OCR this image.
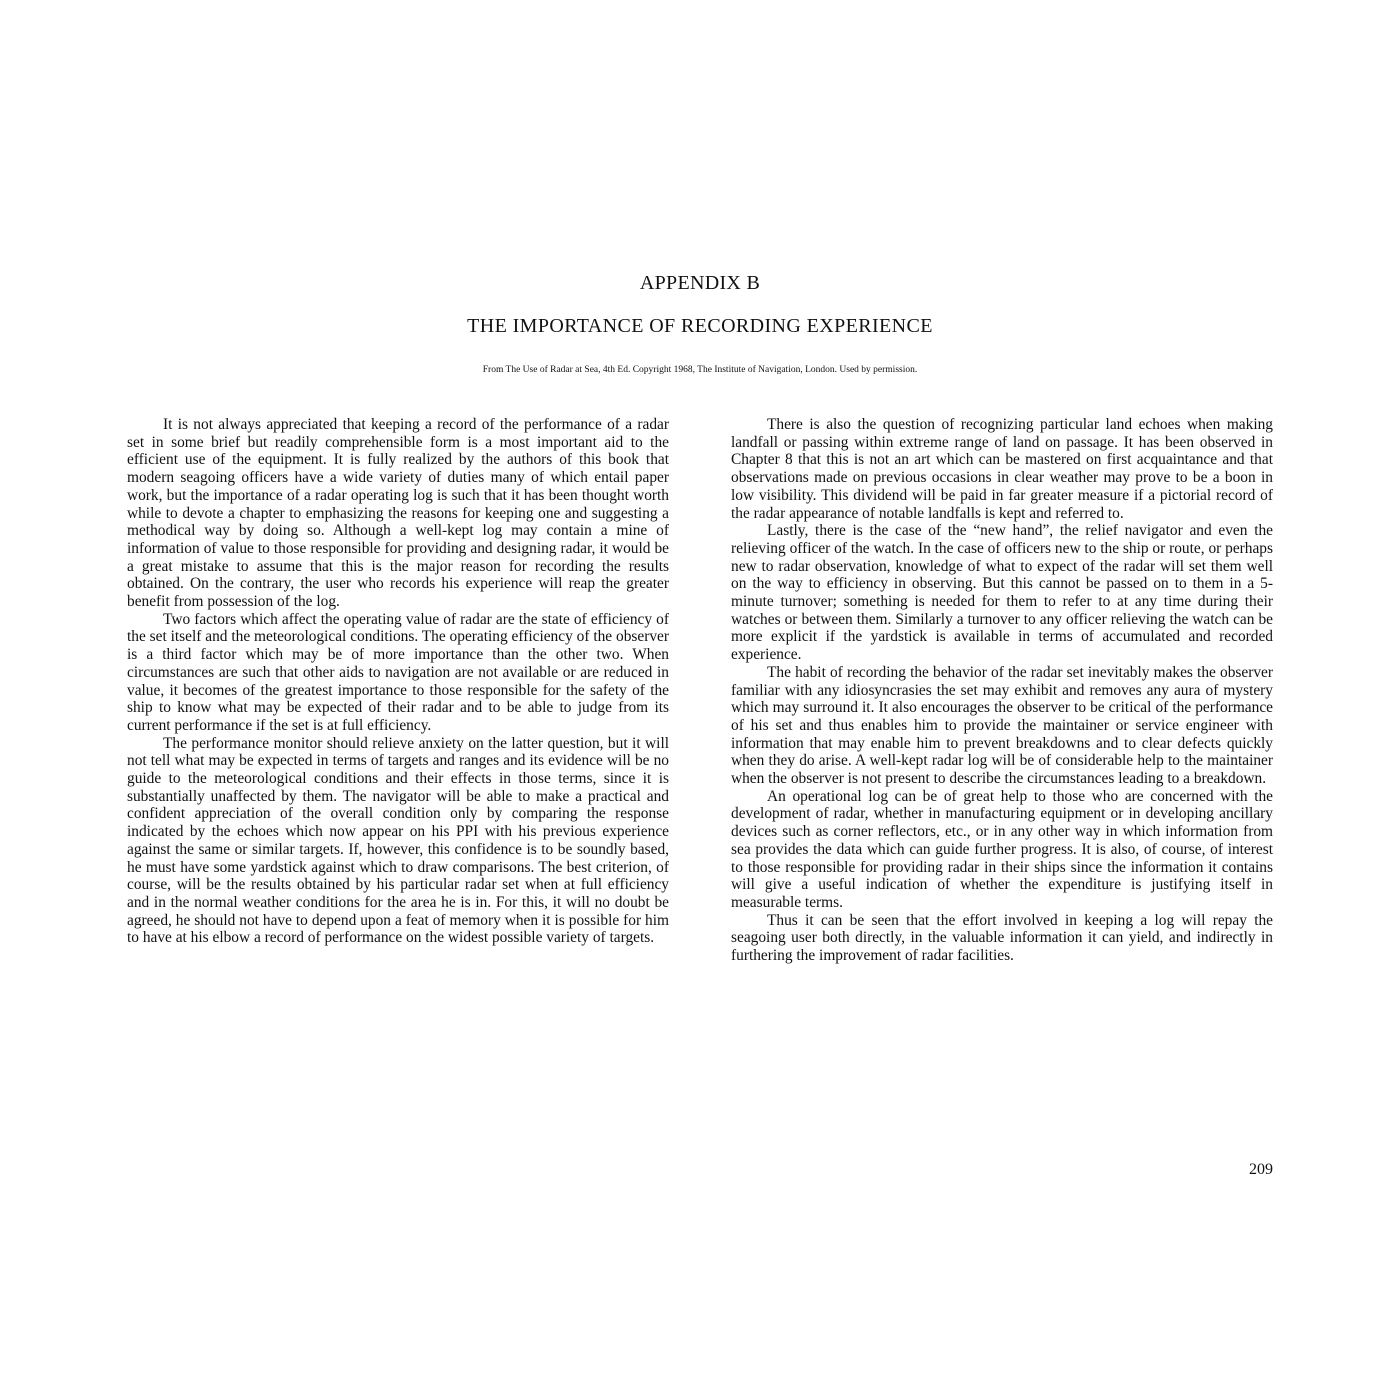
APPENDIX B
THE IMPORTANCE OF RECORDING EXPERIENCE
From The Use of Radar at Sea, 4th Ed. Copyright 1968, The Institute of Navigation, London. Used by permission.

It is not always appreciated that keeping a record of the performance of a radar set in some brief but readily comprehensible form is a most important aid to the efficient use of the equipment. It is fully realized by the authors of this book that modern seagoing officers have a wide variety of duties many of which entail paper work, but the importance of a radar operating log is such that it has been thought worth while to devote a chapter to emphasizing the reasons for keeping one and suggesting a methodical way by doing so. Although a well-kept log may contain a mine of information of value to those responsible for providing and designing radar, it would be a great mistake to assume that this is the major reason for recording the results obtained. On the contrary, the user who records his experience will reap the greater benefit from possession of the log.

Two factors which affect the operating value of radar are the state of efficiency of the set itself and the meteorological conditions. The operating efficiency of the observer is a third factor which may be of more importance than the other two. When circumstances are such that other aids to navigation are not available or are reduced in value, it becomes of the greatest importance to those responsible for the safety of the ship to know what may be expected of their radar and to be able to judge from its current performance if the set is at full efficiency.

The performance monitor should relieve anxiety on the latter question, but it will not tell what may be expected in terms of targets and ranges and its evidence will be no guide to the meteorological conditions and their effects in those terms, since it is substantially unaffected by them. The navigator will be able to make a practical and confident appreciation of the overall condition only by comparing the response indicated by the echoes which now appear on his PPI with his previous experience against the same or similar targets. If, however, this confidence is to be soundly based, he must have some yardstick against which to draw comparisons. The best criterion, of course, will be the results obtained by his particular radar set when at full efficiency and in the normal weather conditions for the area he is in. For this, it will no doubt be agreed, he should not have to depend upon a feat of memory when it is possible for him to have at his elbow a record of performance on the widest possible variety of targets.

There is also the question of recognizing particular land echoes when making landfall or passing within extreme range of land on passage. It has been observed in Chapter 8 that this is not an art which can be mastered on first acquaintance and that observations made on previous occasions in clear weather may prove to be a boon in low visibility. This dividend will be paid in far greater measure if a pictorial record of the radar appearance of notable landfalls is kept and referred to.

Lastly, there is the case of the “new hand”, the relief navigator and even the relieving officer of the watch. In the case of officers new to the ship or route, or perhaps new to radar observation, knowledge of what to expect of the radar will set them well on the way to efficiency in observing. But this cannot be passed on to them in a 5-minute turnover; something is needed for them to refer to at any time during their watches or between them. Similarly a turnover to any officer relieving the watch can be more explicit if the yardstick is available in terms of accumulated and recorded experience.

The habit of recording the behavior of the radar set inevitably makes the observer familiar with any idiosyncrasies the set may exhibit and removes any aura of mystery which may surround it. It also encourages the observer to be critical of the performance of his set and thus enables him to provide the maintainer or service engineer with information that may enable him to prevent breakdowns and to clear defects quickly when they do arise. A well-kept radar log will be of considerable help to the maintainer when the observer is not present to describe the circumstances leading to a breakdown.

An operational log can be of great help to those who are concerned with the development of radar, whether in manufacturing equipment or in developing ancillary devices such as corner reflectors, etc., or in any other way in which information from sea provides the data which can guide further progress. It is also, of course, of interest to those responsible for providing radar in their ships since the information it contains will give a useful indication of whether the expenditure is justifying itself in measurable terms.

Thus it can be seen that the effort involved in keeping a log will repay the seagoing user both directly, in the valuable information it can yield, and indirectly in furthering the improvement of radar facilities.

209
